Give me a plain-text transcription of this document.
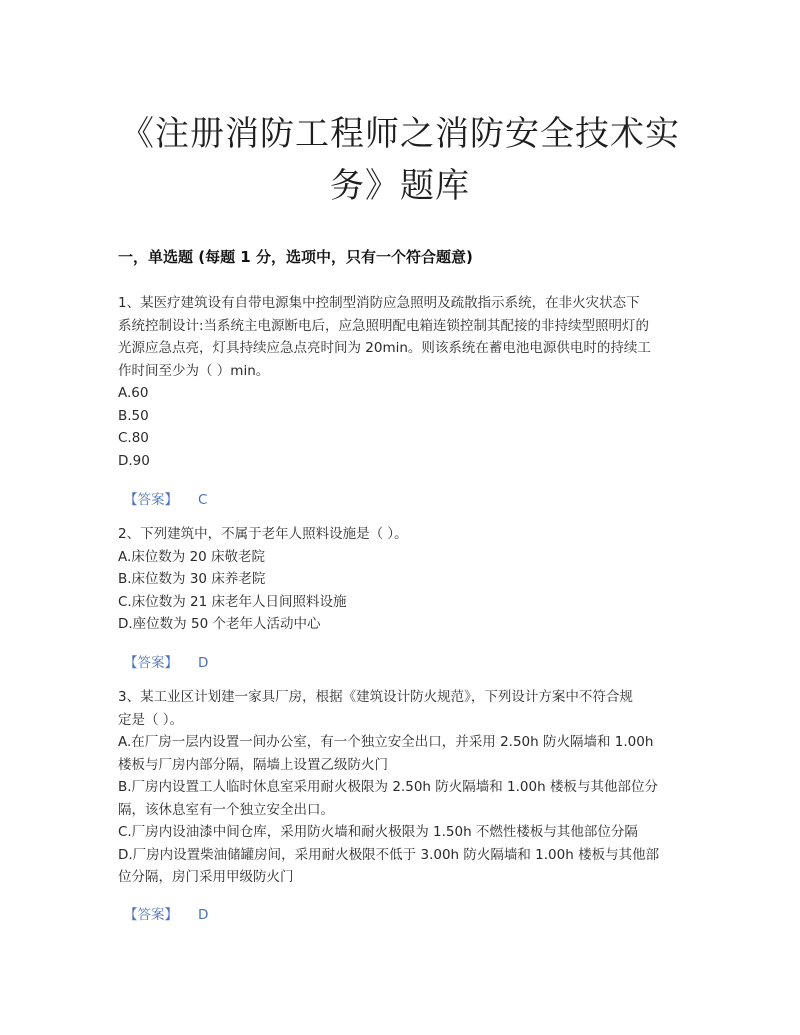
《注册消防工程师之消防安全技术实
务》题库
一，单选题 (每题 1 分，选项中，只有一个符合题意)
1、某医疗建筑设有自带电源集中控制型消防应急照明及疏散指示系统，在非火灾状态下
系统控制设计:当系统主电源断电后，应急照明配电箱连锁控制其配接的非持续型照明灯的
光源应急点亮，灯具持续应急点亮时间为 20min。则该系统在蓄电池电源供电时的持续工
作时间至少为（ ）min。
A.60
B.50
C.80
D.90
【答案】 C
2、下列建筑中，不属于老年人照料设施是（ ）。
A.床位数为 20 床敬老院
B.床位数为 30 床养老院
C.床位数为 21 床老年人日间照料设施
D.座位数为 50 个老年人活动中心
【答案】 D
3、某工业区计划建一家具厂房，根据《建筑设计防火规范》，下列设计方案中不符合规
定是（ ）。
A.在厂房一层内设置一间办公室，有一个独立安全出口，并采用 2.50h 防火隔墙和 1.00h
楼板与厂房内部分隔，隔墙上设置乙级防火门
B.厂房内设置工人临时休息室采用耐火极限为 2.50h 防火隔墙和 1.00h 楼板与其他部位分
隔，该休息室有一个独立安全出口。
C.厂房内设油漆中间仓库，采用防火墙和耐火极限为 1.50h 不燃性楼板与其他部位分隔
D.厂房内设置柴油储罐房间，采用耐火极限不低于 3.00h 防火隔墙和 1.00h 楼板与其他部
位分隔，房门采用甲级防火门
【答案】 D
